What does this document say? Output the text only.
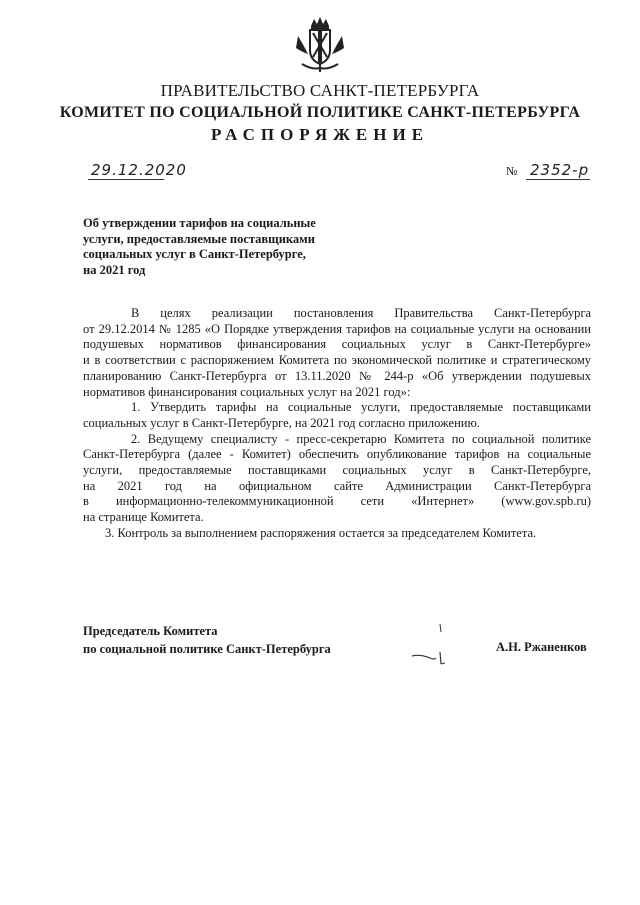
ПРАВИТЕЛЬСТВО САНКТ-ПЕТЕРБУРГА
КОМИТЕТ ПО СОЦИАЛЬНОЙ ПОЛИТИКЕ САНКТ-ПЕТЕРБУРГА
РАСПОРЯЖЕНИЕ
29.12.2020	№ 2352-р
Об утверждении тарифов на социальные
услуги, предоставляемые поставщиками
социальных услуг в Санкт-Петербурге,
на 2021 год
В целях реализации постановления Правительства Санкт-Петербурга
от 29.12.2014 № 1285 «О Порядке утверждения тарифов на социальные услуги на основании
подушевых нормативов финансирования социальных услуг в Санкт-Петербурге»
и в соответствии с распоряжением Комитета по экономической политике и стратегическому
планированию Санкт-Петербурга от 13.11.2020 № 244-р «Об утверждении подушевых
нормативов финансирования социальных услуг на 2021 год»:
1. Утвердить тарифы на социальные услуги, предоставляемые поставщиками
социальных услуг в Санкт-Петербурге, на 2021 год согласно приложению.
2. Ведущему специалисту - пресс-секретарю Комитета по социальной политике
Санкт-Петербурга (далее - Комитет) обеспечить опубликование тарифов на социальные
услуги, предоставляемые поставщиками социальных услуг в Санкт-Петербурге,
на 2021 год на официальном сайте Администрации Санкт-Петербурга
в информационно-телекоммуникационной сети «Интернет» (www.gov.spb.ru)
на странице Комитета.
3. Контроль за выполнением распоряжения остается за председателем Комитета.
Председатель Комитета
по социальной политике Санкт-Петербурга	А.Н. Ржаненков
